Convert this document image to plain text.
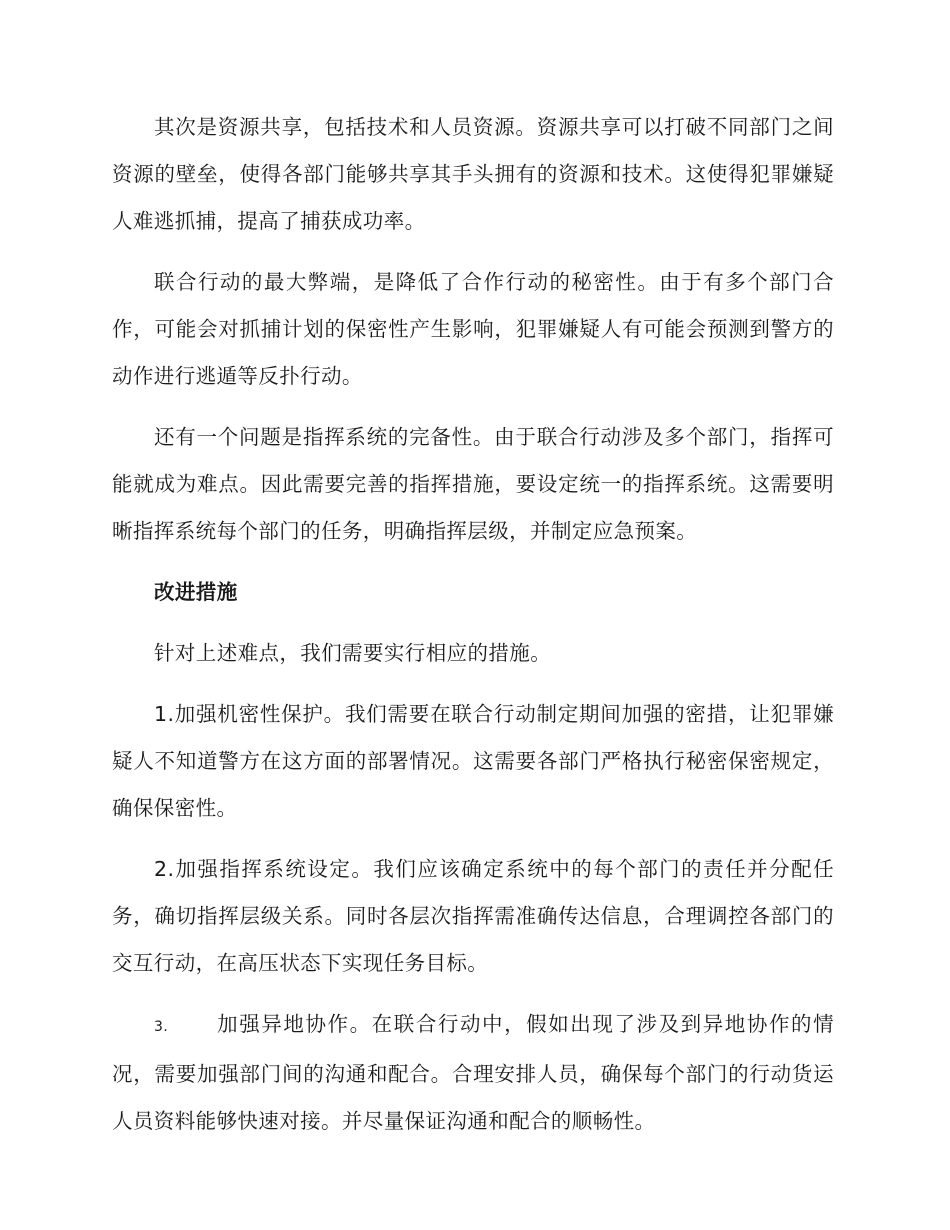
其次是资源共享，包括技术和人员资源。资源共享可以打破不同部门之间资源的壁垒，使得各部门能够共享其手头拥有的资源和技术。这使得犯罪嫌疑人难逃抓捕，提高了捕获成功率。

联合行动的最大弊端，是降低了合作行动的秘密性。由于有多个部门合作，可能会对抓捕计划的保密性产生影响，犯罪嫌疑人有可能会预测到警方的动作进行逃遁等反扑行动。

还有一个问题是指挥系统的完备性。由于联合行动涉及多个部门，指挥可能就成为难点。因此需要完善的指挥措施，要设定统一的指挥系统。这需要明晰指挥系统每个部门的任务，明确指挥层级，并制定应急预案。

改进措施

针对上述难点，我们需要实行相应的措施。

1.加强机密性保护。我们需要在联合行动制定期间加强的密措，让犯罪嫌疑人不知道警方在这方面的部署情况。这需要各部门严格执行秘密保密规定，确保保密性。

2.加强指挥系统设定。我们应该确定系统中的每个部门的责任并分配任务，确切指挥层级关系。同时各层次指挥需准确传达信息，合理调控各部门的交互行动，在高压状态下实现任务目标。

3. 加强异地协作。在联合行动中，假如出现了涉及到异地协作的情况，需要加强部门间的沟通和配合。合理安排人员，确保每个部门的行动货运人员资料能够快速对接。并尽量保证沟通和配合的顺畅性。
